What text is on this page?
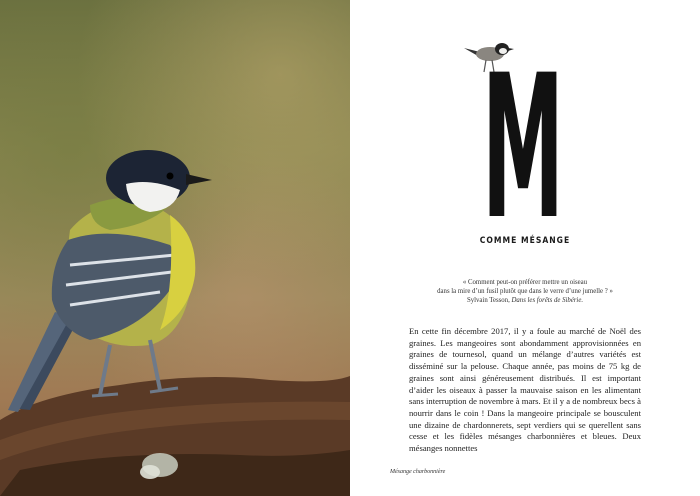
M
COMME MÉSANGE
« Comment peut-on préférer mettre un oiseau
dans la mire d’un fusil plutôt que dans le verre d’une jumelle ? »
Sylvain Tesson, Dans les forêts de Sibérie.
En cette fin décembre 2017, il y a foule au marché de Noël des graines. Les mangeoires sont abondamment approvisionnées en graines de tournesol, quand un mélange d’autres variétés est disséminé sur la pelouse. Chaque année, pas moins de 75 kg de graines sont ainsi généreusement distribués. Il est important d’aider les oiseaux à passer la mauvaise saison en les alimentant sans interruption de novembre à mars. Et il y a de nombreux becs à nourrir dans le coin ! Dans la mangeoire principale se bousculent une dizaine de chardonnerets, sept verdiers qui se querellent sans cesse et les fidèles mésanges charbonnières et bleues. Deux mésanges nonnettes
Mésange charbonnière
